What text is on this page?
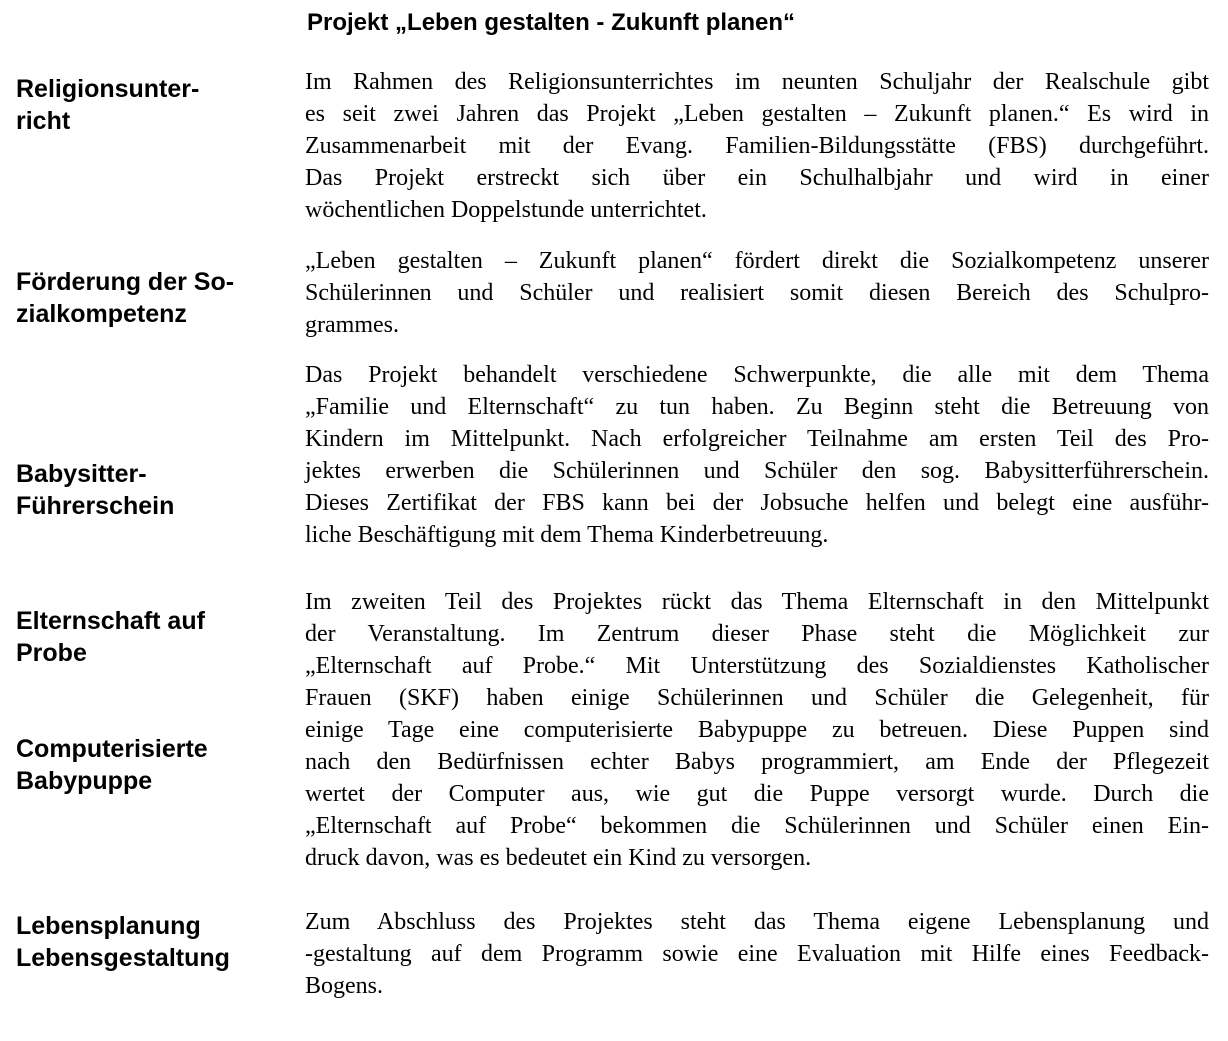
Projekt „Leben gestalten - Zukunft planen“
Religionsunter-
richt
Förderung der So-
zialkompetenz
Babysitter-
Führerschein
Elternschaft auf
Probe
Computerisierte
Babypuppe
Lebensplanung
Lebensgestaltung
Im Rahmen des Religionsunterrichtes im neunten Schuljahr der Realschule gibt
es seit zwei Jahren das Projekt „Leben gestalten – Zukunft planen.“ Es wird in
Zusammenarbeit mit der Evang. Familien-Bildungsstätte (FBS) durchgeführt.
Das Projekt erstreckt sich über ein Schulhalbjahr und wird in einer
wöchentlichen Doppelstunde unterrichtet.
„Leben gestalten – Zukunft planen“ fördert direkt die Sozialkompetenz unserer
Schülerinnen und Schüler und realisiert somit diesen Bereich des Schulpro-
grammes.
Das Projekt behandelt verschiedene Schwerpunkte, die alle mit dem Thema
„Familie und Elternschaft“ zu tun haben. Zu Beginn steht die Betreuung von
Kindern im Mittelpunkt. Nach erfolgreicher Teilnahme am ersten Teil des Pro-
jektes erwerben die Schülerinnen und Schüler den sog. Babysitterführerschein.
Dieses Zertifikat der FBS kann bei der Jobsuche helfen und belegt eine ausführ-
liche Beschäftigung mit dem Thema Kinderbetreuung.
Im zweiten Teil des Projektes rückt das Thema Elternschaft in den Mittelpunkt
der Veranstaltung. Im Zentrum dieser Phase steht die Möglichkeit zur
„Elternschaft auf Probe.“ Mit Unterstützung des Sozialdienstes Katholischer
Frauen (SKF) haben einige Schülerinnen und Schüler die Gelegenheit, für
einige Tage eine computerisierte Babypuppe zu betreuen. Diese Puppen sind
nach den Bedürfnissen echter Babys programmiert, am Ende der Pflegezeit
wertet der Computer aus, wie gut die Puppe versorgt wurde. Durch die
„Elternschaft auf Probe“ bekommen die Schülerinnen und Schüler einen Ein-
druck davon, was es bedeutet ein Kind zu versorgen.
Zum Abschluss des Projektes steht das Thema eigene Lebensplanung und
-gestaltung auf dem Programm sowie eine Evaluation mit Hilfe eines Feedback-
Bogens.
